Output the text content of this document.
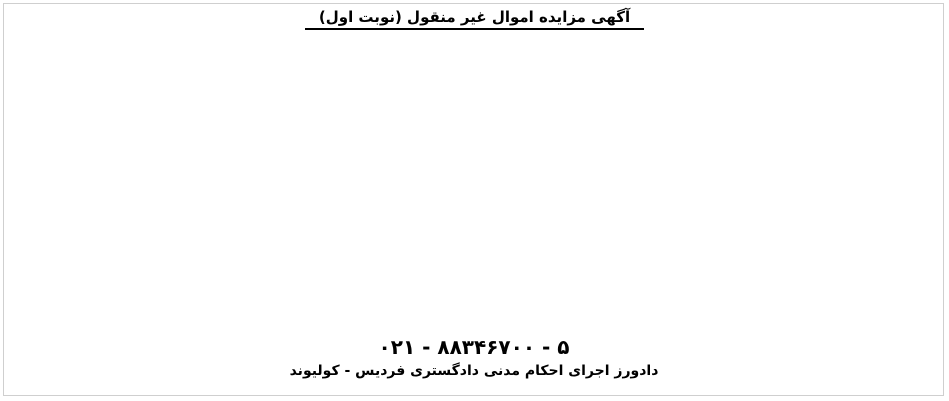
آگهی مزایده اموال غیر منقول (نوبت اول)

۰۲۱ - ۸۸۳۴۶۷۰۰ - ۵
دادورز اجرای احکام مدنی دادگستری فردیس - کولیوند
